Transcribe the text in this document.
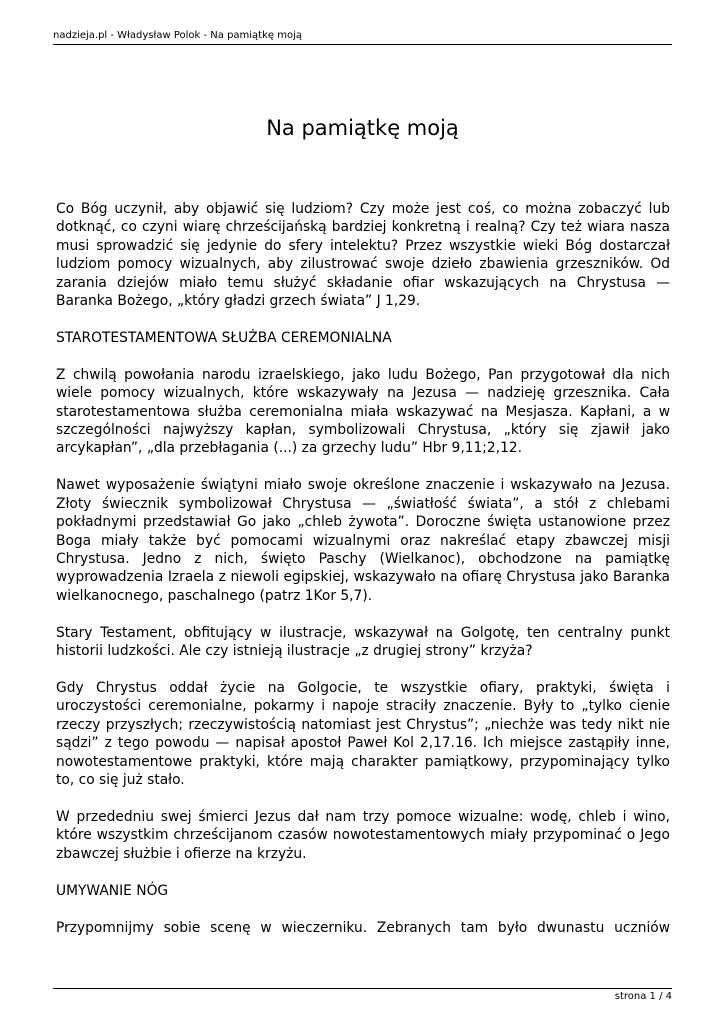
nadzieja.pl - Władysław Polok - Na pamiątkę moją
Na pamiątkę moją

Co Bóg uczynił, aby objawić się ludziom? Czy może jest coś, co można zobaczyć lub dotknąć, co czyni wiarę chrześcijańską bardziej konkretną i realną? Czy też wiara nasza musi sprowadzić się jedynie do sfery intelektu? Przez wszystkie wieki Bóg dostarczał ludziom pomocy wizualnych, aby zilustrować swoje dzieło zbawienia grzeszników. Od zarania dziejów miało temu służyć składanie ofiar wskazujących na Chrystusa — Baranka Bożego, „który gładzi grzech świata” J 1,29.

STAROTESTAMENTOWA SŁUŻBA CEREMONIALNA

Z chwilą powołania narodu izraelskiego, jako ludu Bożego, Pan przygotował dla nich wiele pomocy wizualnych, które wskazywały na Jezusa — nadzieję grzesznika. Cała starotestamentowa służba ceremonialna miała wskazywać na Mesjasza. Kapłani, a w szczególności najwyższy kapłan, symbolizowali Chrystusa, „który się zjawił jako arcykapłan”, „dla przebłagania (...) za grzechy ludu” Hbr 9,11;2,12.

Nawet wyposażenie świątyni miało swoje określone znaczenie i wskazywało na Jezusa. Złoty świecznik symbolizował Chrystusa — „światłość świata”, a stół z chlebami pokładnymi przedstawiał Go jako „chleb żywota”. Doroczne święta ustanowione przez Boga miały także być pomocami wizualnymi oraz nakreślać etapy zbawczej misji Chrystusa. Jedno z nich, święto Paschy (Wielkanoc), obchodzone na pamiątkę wyprowadzenia Izraela z niewoli egipskiej, wskazywało na ofiarę Chrystusa jako Baranka wielkanocnego, paschalnego (patrz 1Kor 5,7).

Stary Testament, obfitujący w ilustracje, wskazywał na Golgotę, ten centralny punkt historii ludzkości. Ale czy istnieją ilustracje „z drugiej strony” krzyża?

Gdy Chrystus oddał życie na Golgocie, te wszystkie ofiary, praktyki, święta i uroczystości ceremonialne, pokarmy i napoje straciły znaczenie. Były to „tylko cienie rzeczy przyszłych; rzeczywistością natomiast jest Chrystus”; „niechże was tedy nikt nie sądzi” z tego powodu — napisał apostoł Paweł Kol 2,17.16. Ich miejsce zastąpiły inne, nowotestamentowe praktyki, które mają charakter pamiątkowy, przypominający tylko to, co się już stało.

W przededniu swej śmierci Jezus dał nam trzy pomoce wizualne: wodę, chleb i wino, które wszystkim chrześcijanom czasów nowotestamentowych miały przypominać o Jego zbawczej służbie i ofierze na krzyżu.

UMYWANIE NÓG

Przypomnijmy sobie scenę w wieczerniku. Zebranych tam było dwunastu uczniów

strona 1 / 4
